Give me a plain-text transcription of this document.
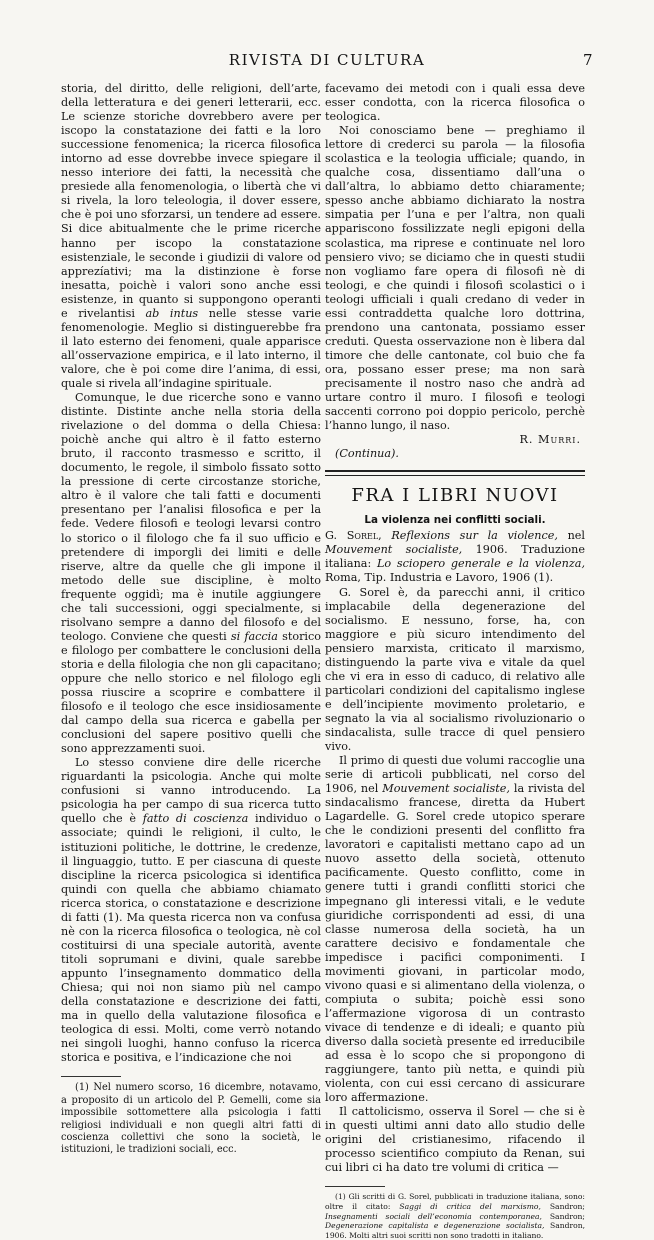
RIVISTA DI CULTURA	7

storia, del diritto, delle religioni, dell’arte, della letteratura e dei generi letterarii, ecc. Le scienze storiche dovrebbero avere per iscopo la constatazione dei fatti e la loro successione fenomenica; la ricerca filosofica intorno ad esse dovrebbe invece spiegare il nesso interiore dei fatti, la necessità che presiede alla fenomenologia, o libertà che vi si rivela, la loro teleologia, il dover essere, che è poi uno sforzarsi, un tendere ad essere. Si dice abitualmente che le prime ricerche hanno per iscopo la constatazione esistenziale, le seconde i giudizii di valore od apprezíativi; ma la distinzione è forse inesatta, poichè i valori sono anche essi esistenze, in quanto si suppongono operanti e rivelantisi ab intus nelle stesse varie fenomenologie. Meglio si distinguerebbe fra il lato esterno dei fenomeni, quale apparisce all’osservazione empirica, e il lato interno, il valore, che è poi come dire l’anima, di essi, quale si rivela all’indagine spirituale.

Comunque, le due ricerche sono e vanno distinte. Distinte anche nella storia della rivelazione o del domma o della Chiesa: poichè anche qui altro è il fatto esterno bruto, il racconto trasmesso e scritto, il documento, le regole, il simbolo fissato sotto la pressione di certe circostanze storiche, altro è il valore che tali fatti e documenti presentano per l’analisi filosofica e per la fede. Vedere filosofi e teologi levarsi contro lo storico o il filologo che fa il suo ufficio e pretendere di imporgli dei limiti e delle riserve, altre da quelle che gli impone il metodo delle sue discipline, è molto frequente oggidì; ma è inutile aggiungere che tali successioni, oggi specialmente, si risolvano sempre a danno del filosofo e del teologo. Conviene che questi si faccia storico e filologo per combattere le conclusioni della storia e della filologia che non gli capacitano; oppure che nello storico e nel filologo egli possa riuscire a scoprire e combattere il filosofo e il teologo che esce insidiosamente dal campo della sua ricerca e gabella per conclusioni del sapere positivo quelli che sono apprezzamenti suoi.

Lo stesso conviene dire delle ricerche riguardanti la psicologia. Anche qui molte confusioni si vanno introducendo. La psicologia ha per campo di sua ricerca tutto quello che è fatto di coscienza individuo o associate; quindi le religioni, il culto, le istituzioni politiche, le dottrine, le credenze, il linguaggio, tutto. E per ciascuna di queste discipline la ricerca psicologica si identifica quindi con quella che abbiamo chiamato ricerca storica, o constatazione e descrizione di fatti (1). Ma questa ricerca non va confusa nè con la ricerca filosofica o teologica, nè col costituirsi di una speciale autorità, avente titoli soprumani e divini, quale sarebbe appunto l’insegnamento dommatico della Chiesa; qui noi non siamo più nel campo della constatazione e descrizione dei fatti, ma in quello della valutazione filosofica e teologica di essi. Molti, come verrò notando nei singoli luoghi, hanno confuso la ricerca storica e positiva, e l’indicazione che noi

(1) Nel numero scorso, 16 dicembre, notavamo, a proposito di un articolo del P. Gemelli, come sia impossibile sottomettere alla psicologia i fatti religiosi individuali e non quegli altri fatti di coscienza collettivi che sono la società, le istituzioni, le tradizioni sociali, ecc.

facevamo dei metodi con i quali essa deve esser condotta, con la ricerca filosofica o teologica.

Noi conosciamo bene — preghiamo il lettore di crederci su parola — la filosofia scolastica e la teologia ufficiale; quando, in qualche cosa, dissentiamo dall’una o dall’altra, lo abbiamo detto chiaramente; spesso anche abbiamo dichiarato la nostra simpatia per l’una e per l’altra, non quali appariscono fossilizzate negli epigoni della scolastica, ma riprese e continuate nel loro pensiero vivo; se diciamo che in questi studii non vogliamo fare opera di filosofi nè di teologi, e che quindi i filosofi scolastici o i teologi ufficiali i quali credano di veder in essi contraddetta qualche loro dottrina, prendono una cantonata, possiamo esser creduti. Questa osservazione non è libera dal timore che delle cantonate, col buio che fa ora, possano esser prese; ma non sarà precisamente il nostro naso che andrà ad urtare contro il muro. I filosofi e teologi saccenti corrono poi doppio pericolo, perchè l’hanno lungo, il naso.

R. Murri.

(Continua).

FRA I LIBRI NUOVI
La violenza nei conflitti sociali.

G. Sorel, Reflexions sur la violence, nel Mouvement socialiste, 1906. Traduzione italiana: Lo sciopero generale e la violenza, Roma, Tip. Industria e Lavoro, 1906 (1).

G. Sorel è, da parecchi anni, il critico implacabile della degenerazione del socialismo. E nessuno, forse, ha, con maggiore e più sicuro intendimento del pensiero marxista, criticato il marxismo, distinguendo la parte viva e vitale da quel che vi era in esso di caduco, di relativo alle particolari condizioni del capitalismo inglese e dell’incipiente movimento proletario, e segnato la via al socialismo rivoluzionario o sindacalista, sulle tracce di quel pensiero vivo.

Il primo di questi due volumi raccoglie una serie di articoli pubblicati, nel corso del 1906, nel Mouvement socialiste, la rivista del sindacalismo francese, diretta da Hubert Lagardelle. G. Sorel crede utopico sperare che le condizioni presenti del conflitto fra lavoratori e capitalisti mettano capo ad un nuovo assetto della società, ottenuto pacificamente. Questo conflitto, come in genere tutti i grandi conflitti storici che impegnano gli interessi vitali, e le vedute giuridiche corrispondenti ad essi, di una classe numerosa della società, ha un carattere decisivo e fondamentale che impedisce i pacifici componimenti. I movimenti giovani, in particolar modo, vivono quasi e si alimentano della violenza, o compiuta o subita; poichè essi sono l’affermazione vigorosa di un contrasto vivace di tendenze e di ideali; e quanto più diverso dalla società presente ed irreducibile ad essa è lo scopo che si propongono di raggiungere, tanto più netta, e quindi più violenta, con cui essi cercano di assicurare loro affermazione.

Il cattolicismo, osserva il Sorel — che si è in questi ultimi anni dato allo studio delle origini del cristianesimo, rifacendo il processo scientifico compiuto da Renan, sui cui libri ci ha dato tre volumi di critica —

(1) Gli scritti di G. Sorel, pubblicati in traduzione italiana, sono: oltre il citato: Saggi di critica del marxismo, Sandron; Insegnamenti sociali dell’economia contemporanea, Sandron; Degenerazione capitalista e degenerazione socialista, Sandron, 1906. Molti altri suoi scritti non sono tradotti in italiano.
